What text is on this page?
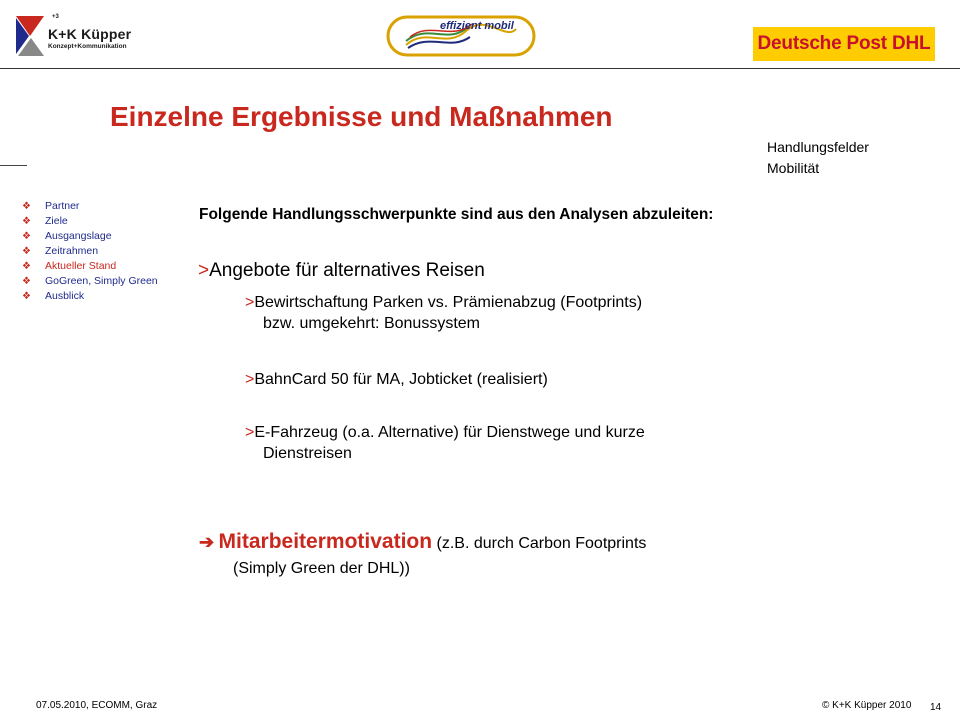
+3
K+K Küpper
Konzept+Kommunikation
effizient mobil
Deutsche Post DHL
Einzelne Ergebnisse und Maßnahmen
Handlungsfelder
Mobilität
❖ Partner
❖ Ziele
❖ Ausgangslage
❖ Zeitrahmen
❖ Aktueller Stand
❖ GoGreen, Simply Green
❖ Ausblick
Folgende Handlungsschwerpunkte sind aus den Analysen abzuleiten:
>Angebote für alternatives Reisen
>Bewirtschaftung Parken vs. Prämienabzug (Footprints)
bzw. umgekehrt: Bonussystem
>BahnCard 50 für MA, Jobticket (realisiert)
>E-Fahrzeug (o.a. Alternative) für Dienstwege und kurze
Dienstreisen
➔ Mitarbeitermotivation (z.B. durch Carbon Footprints
(Simply Green der DHL))
07.05.2010, ECOMM, Graz	© K+K Küpper 2010 14
